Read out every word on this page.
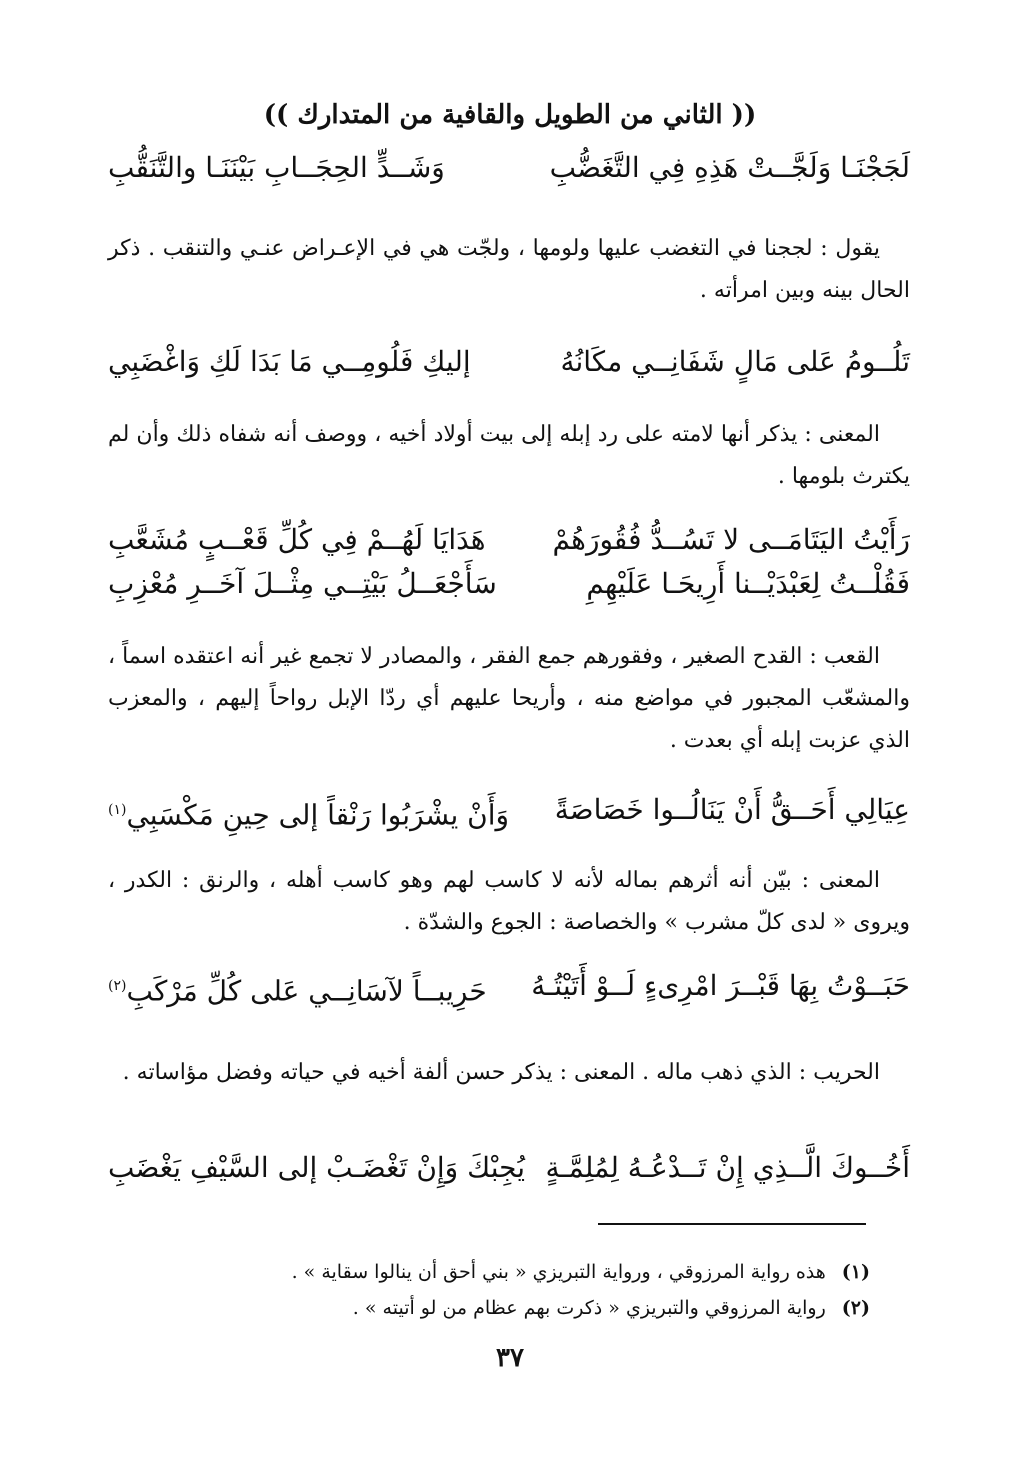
(( الثاني من الطويل والقافية من المتدارك ))
لَجَجْنَـا وَلَجَّــتْ هَذِهِ فِي التَّغَضُّبِ
وَشَــدٍّ الحِجَــابِ بَيْنَنَـا والتَّنَقُّبِ
يقول : لججنا في التغضب عليها ولومها ، ولجّت هي في الإعـراض عنـي والتنقب . ذكر الحال بينه وبين امرأته .
تَلُــومُ عَلى مَالٍ شَفَانِــي مكَانُهُ
إليكِ فَلُومِــي مَا بَدَا لَكِ وَاغْضَبِي
المعنى : يذكر أنها لامته على رد إبله إلى بيت أولاد أخيه ، ووصف أنه شفاه ذلك وأن لم يكترث بلومها .
رَأَيْتُ اليَتَامَــى لا تَسُــدُّ فُقُورَهُمْ
هَدَايَا لَهُــمْ فِي كُلِّ قَعْــبٍ مُشَعَّبِ
فَقُلْــتُ لِعَبْدَيْــنا أَرِيحَـا عَلَيْهِمِ
سَأَجْعَــلُ بَيْتِــي مِثْــلَ آخَــرِ مُعْزِبِ
القعب : القدح الصغير ، وفقورهم جمع الفقر ، والمصادر لا تجمع غير أنه اعتقده اسماً ، والمشعّب المجبور في مواضع منه ، وأريحا عليهم أي ردّا الإبل رواحاً إليهم ، والمعزب الذي عزبت إبله أي بعدت .
عِيَالِي أَحَــقُّ أَنْ يَنَالُــوا خَصَاصَةً
وَأَنْ يشْرَبُوا رَنْقاً إلى حِينِ مَكْسَبِي$^{(١)}$
المعنى : بيّن أنه أثرهم بماله لأنه لا كاسب لهم وهو كاسب أهله ، والرنق : الكدر ، ويروى « لدى كلّ مشرب » والخصاصة : الجوع والشدّة .
حَبَــوْتُ بِهَا قَبْــرَ امْرِىءٍ لَــوْ أَتَيْتُـهُ
حَرِيبــاً لآسَانِــي عَلى كُلِّ مَرْكَبِ$^{(٢)}$
الحريب : الذي ذهب ماله . المعنى : يذكر حسن ألفة أخيه في حياته وفضل مؤاساته .
أَخُــوكَ الَّــذِي إِنْ تَــدْعُـهُ لِمُلِمَّـةٍ
يُجِبْكَ وَإِنْ تَغْضَـبْ إلى السَّيْفِ يَغْضَبِ
(١)هذه رواية المرزوقي ، ورواية التبريزي « بني أحق أن ينالوا سقاية » .
(٢)رواية المرزوقي والتبريزي « ذكرت بهم عظام من لو أتيته » .
٣٧
